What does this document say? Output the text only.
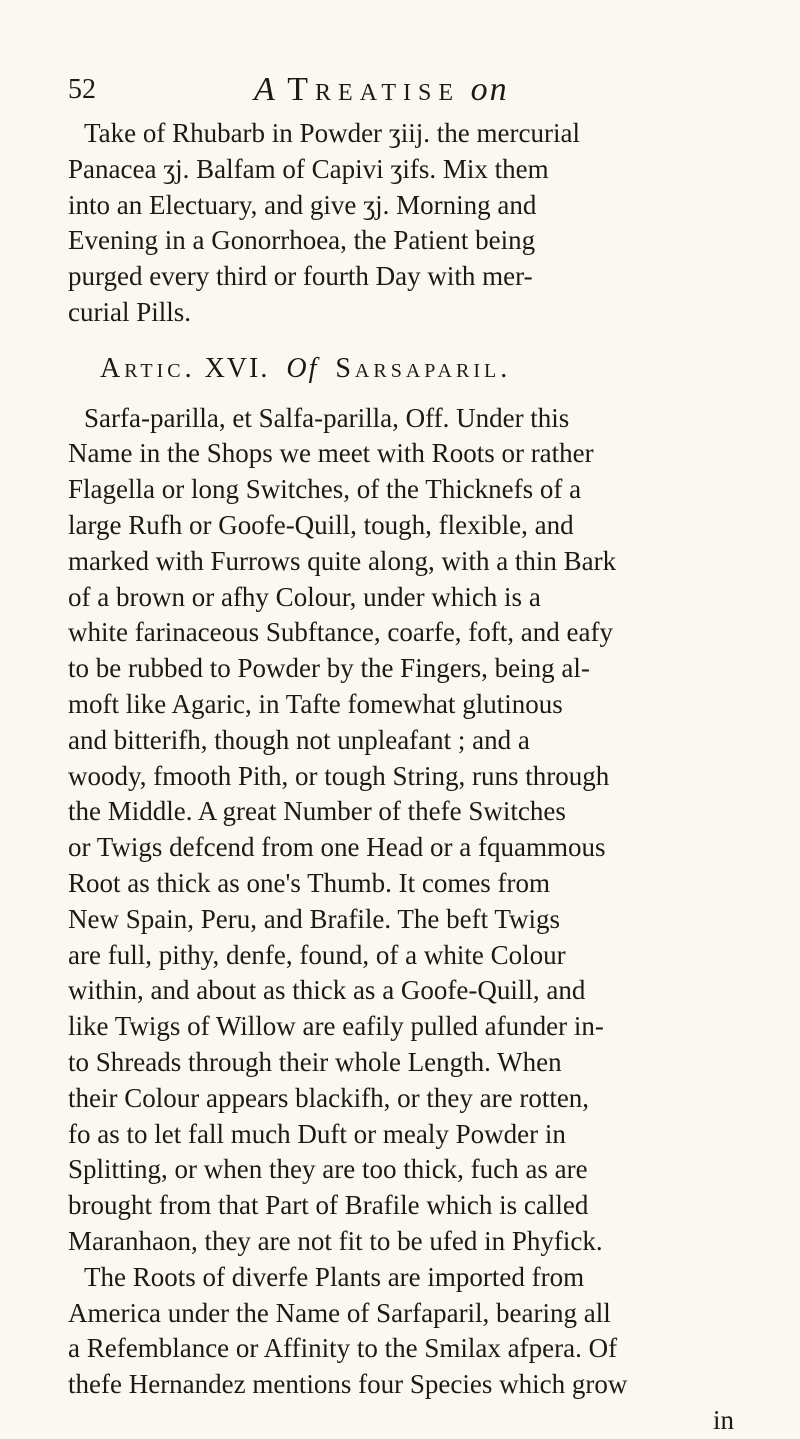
52	A Treatise on
Take of Rhubarb in Powder ʒiij. the mercurial
Panacea ʒj. Balfam of Capivi ʒifs. Mix them
into an Electuary, and give ʒj. Morning and
Evening in a Gonorrhoea, the Patient being
purged every third or fourth Day with mer-
curial Pills.
Artic. XVI. Of Sarsaparil.
Sarfa-parilla, et Salfa-parilla, Off. Under this
Name in the Shops we meet with Roots or rather
Flagella or long Switches, of the Thicknefs of a
large Rufh or Goofe-Quill, tough, flexible, and
marked with Furrows quite along, with a thin Bark
of a brown or afhy Colour, under which is a
white farinaceous Subftance, coarfe, foft, and eafy
to be rubbed to Powder by the Fingers, being al-
moft like Agaric, in Tafte fomewhat glutinous
and bitterifh, though not unpleafant ; and a
woody, fmooth Pith, or tough String, runs through
the Middle. A great Number of thefe Switches
or Twigs defcend from one Head or a fquammous
Root as thick as one's Thumb. It comes from
New Spain, Peru, and Brafile. The beft Twigs
are full, pithy, denfe, found, of a white Colour
within, and about as thick as a Goofe-Quill, and
like Twigs of Willow are eafily pulled afunder in-
to Shreads through their whole Length. When
their Colour appears blackifh, or they are rotten,
fo as to let fall much Duft or mealy Powder in
Splitting, or when they are too thick, fuch as are
brought from that Part of Brafile which is called
Maranhaon, they are not fit to be ufed in Phyfick.
The Roots of diverfe Plants are imported from
America under the Name of Sarfaparil, bearing all
a Refemblance or Affinity to the Smilax afpera. Of
thefe Hernandez mentions four Species which grow
in
